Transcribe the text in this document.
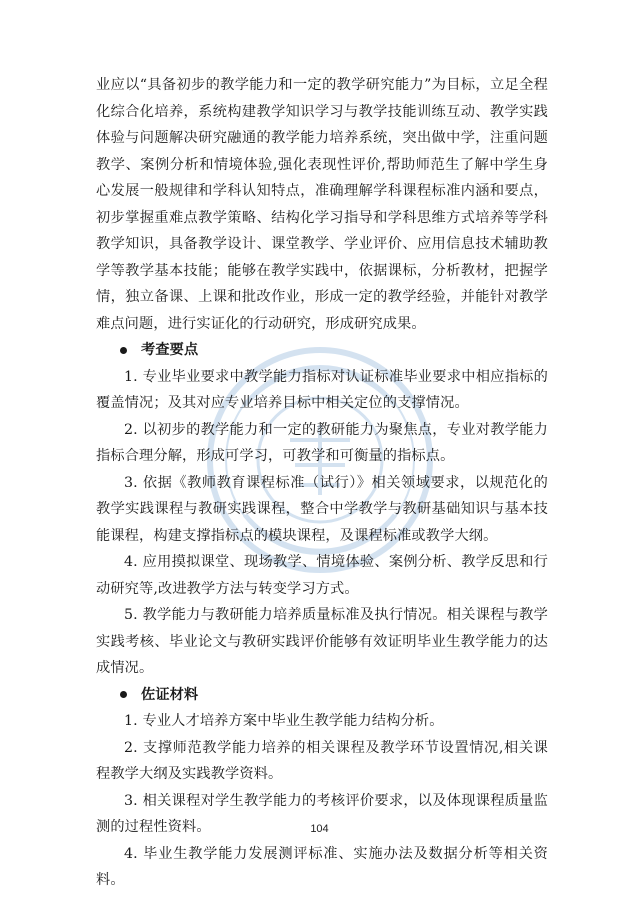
业应以“具备初步的教学能力和一定的教学研究能力”为目标，立足全程化综合化培养，系统构建教学知识学习与教学技能训练互动、教学实践体验与问题解决研究融通的教学能力培养系统，突出做中学，注重问题教学、案例分析和情境体验,强化表现性评价,帮助师范生了解中学生身心发展一般规律和学科认知特点，准确理解学科课程标准内涵和要点，初步掌握重难点教学策略、结构化学习指导和学科思维方式培养等学科教学知识，具备教学设计、课堂教学、学业评价、应用信息技术辅助教学等教学基本技能；能够在教学实践中，依据课标，分析教材，把握学情，独立备课、上课和批改作业，形成一定的教学经验，并能针对教学难点问题，进行实证化的行动研究，形成研究成果。

考查要点

1. 专业毕业要求中教学能力指标对认证标准毕业要求中相应指标的覆盖情况；及其对应专业培养目标中相关定位的支撑情况。

2. 以初步的教学能力和一定的教研能力为聚焦点，专业对教学能力指标合理分解，形成可学习，可教学和可衡量的指标点。

3. 依据《教师教育课程标准（试行）》相关领域要求，以规范化的教学实践课程与教研实践课程，整合中学教学与教研基础知识与基本技能课程，构建支撑指标点的模块课程，及课程标准或教学大纲。

4. 应用摸拟课堂、现场教学、情境体验、案例分析、教学反思和行动研究等,改进教学方法与转变学习方式。

5. 教学能力与教研能力培养质量标准及执行情况。相关课程与教学实践考核、毕业论文与教研实践评价能够有效证明毕业生教学能力的达成情况。

佐证材料

1. 专业人才培养方案中毕业生教学能力结构分析。

2. 支撑师范教学能力培养的相关课程及教学环节设置情况,相关课程教学大纲及实践教学资料。

3. 相关课程对学生教学能力的考核评价要求，以及体现课程质量监测的过程性资料。

4. 毕业生教学能力发展测评标准、实施办法及数据分析等相关资料。

104
